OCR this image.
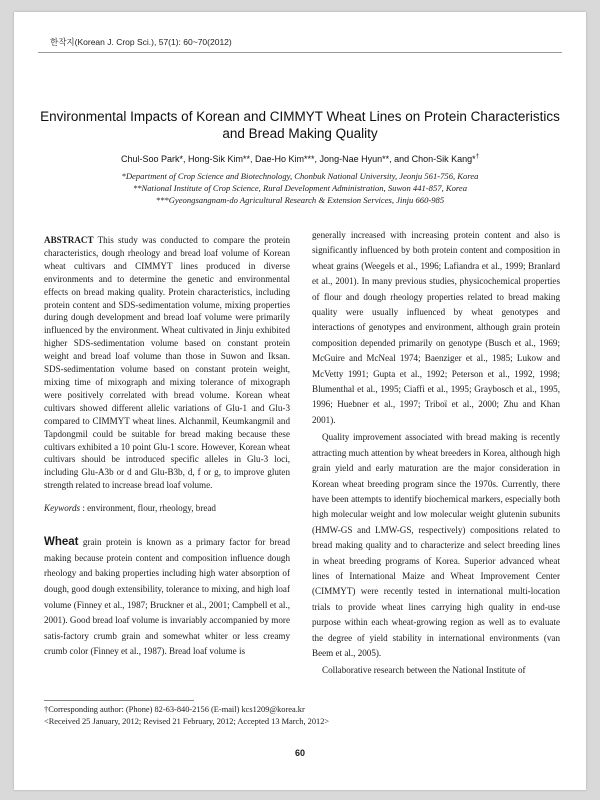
한작지(Korean J. Crop Sci.), 57(1): 60~70(2012)
Environmental Impacts of Korean and CIMMYT Wheat Lines on Protein Characteristics
and Bread Making Quality
Chul-Soo Park*, Hong-Sik Kim**, Dae-Ho Kim***, Jong-Nae Hyun**, and Chon-Sik Kang*†
*Department of Crop Science and Biotechnology, Chonbuk National University, Jeonju 561-756, Korea
**National Institute of Crop Science, Rural Development Administration, Suwon 441-857, Korea
***Gyeongsangnam-do Agricultural Research & Extension Services, Jinju 660-985

ABSTRACT This study was conducted to compare the protein characteristics, dough rheology and bread loaf volume of Korean wheat cultivars and CIMMYT lines produced in diverse environments and to determine the genetic and environmental effects on bread making quality. Protein characteristics, including protein content and SDS-sedimentation volume, mixing properties during dough development and bread loaf volume were primarily influenced by the environment. Wheat cultivated in Jinju exhibited higher SDS-sedimentation volume based on constant protein weight and bread loaf volume than those in Suwon and Iksan. SDS-sedimentation volume based on constant protein weight, mixing time of mixograph and mixing tolerance of mixograph were positively correlated with bread volume. Korean wheat cultivars showed different allelic variations of Glu-1 and Glu-3 compared to CIMMYT wheat lines. Alchanmil, Keumkangmil and Tapdongmil could be suitable for bread making because these cultivars exhibited a 10 point Glu-1 score. However, Korean wheat cultivars should be introduced specific alleles in Glu-3 loci, including Glu-A3b or d and Glu-B3b, d, f or g, to improve gluten strength related to increase bread loaf volume.

Keywords : environment, flour, rheology, bread

Wheat grain protein is known as a primary factor for bread making because protein content and composition influence dough rheology and baking properties including high water absorption of dough, good dough extensibility, tolerance to mixing, and high loaf volume (Finney et al., 1987; Bruckner et al., 2001; Campbell et al., 2001). Good bread loaf volume is invariably accompanied by more satis-factory crumb grain and somewhat whiter or less creamy crumb color (Finney et al., 1987). Bread loaf volume is

generally increased with increasing protein content and also is significantly influenced by both protein content and composition in wheat grains (Weegels et al., 1996; Lafiandra et al., 1999; Branlard et al., 2001). In many previous studies, physicochemical properties of flour and dough rheology properties related to bread making quality were usually influenced by wheat genotypes and interactions of genotypes and environment, although grain protein composition depended primarily on genotype (Busch et al., 1969; McGuire and McNeal 1974; Baenziger et al., 1985; Lukow and McVetty 1991; Gupta et al., 1992; Peterson et al., 1992, 1998; Blumenthal et al., 1995; Ciaffi et al., 1995; Graybosch et al., 1995, 1996; Huebner et al., 1997; Triboï et al., 2000; Zhu and Khan 2001).

Quality improvement associated with bread making is recently attracting much attention by wheat breeders in Korea, although high grain yield and early maturation are the major consideration in Korean wheat breeding program since the 1970s. Currently, there have been attempts to identify biochemical markers, especially both high molecular weight and low molecular weight glutenin subunits (HMW-GS and LMW-GS, respectively) compositions related to bread making quality and to characterize and select breeding lines in wheat breeding programs of Korea. Superior advanced wheat lines of International Maize and Wheat Improvement Center (CIMMYT) were recently tested in international multi-location trials to provide wheat lines carrying high quality in end-use purpose within each wheat-growing region as well as to evaluate the degree of yield stability in international environments (van Beem et al., 2005).

Collaborative research between the National Institute of

†Corresponding author: (Phone) 82-63-840-2156 (E-mail) kcs1209@korea.kr
<Received 25 January, 2012; Revised 21 February, 2012; Accepted 13 March, 2012>
60
